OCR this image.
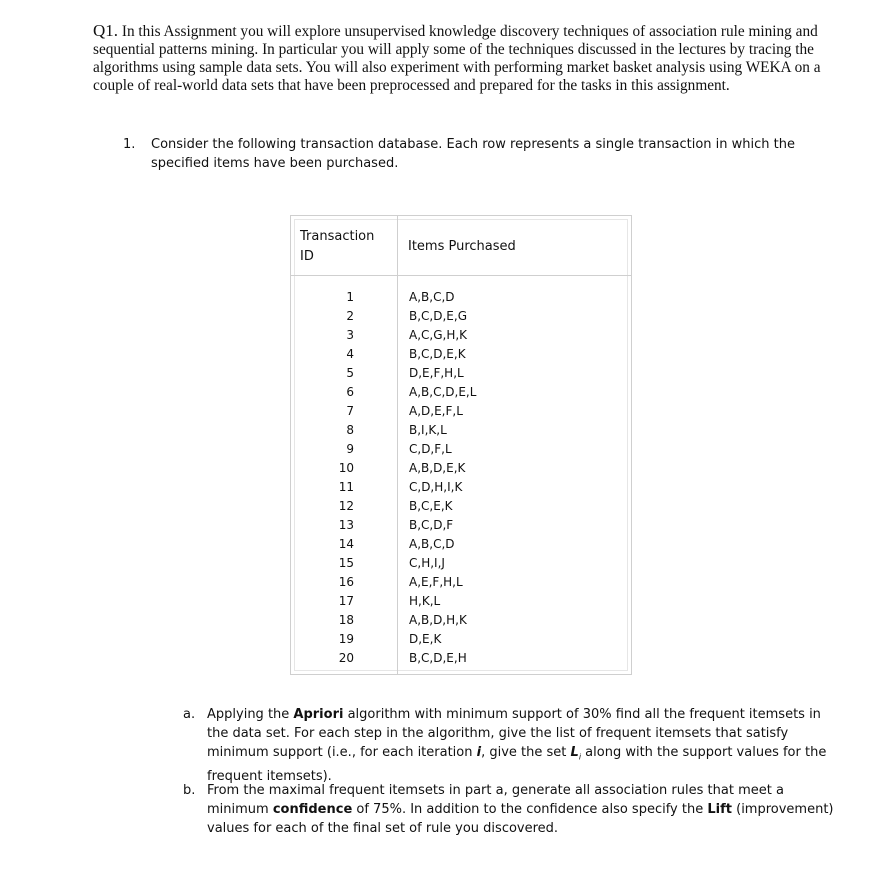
Q1. In this Assignment you will explore unsupervised knowledge discovery techniques of association rule mining and sequential patterns mining. In particular you will apply some of the techniques discussed in the lectures by tracing the algorithms using sample data sets. You will also experiment with performing market basket analysis using WEKA on a couple of real-world data sets that have been preprocessed and prepared for the tasks in this assignment.
1. Consider the following transaction database. Each row represents a single transaction in which the specified items have been purchased.
Transaction ID
Items Purchased
1
2
3
4
5
6
7
8
9
10
11
12
13
14
15
16
17
18
19
20
A,B,C,D
B,C,D,E,G
A,C,G,H,K
B,C,D,E,K
D,E,F,H,L
A,B,C,D,E,L
A,D,E,F,L
B,I,K,L
C,D,F,L
A,B,D,E,K
C,D,H,I,K
B,C,E,K
B,C,D,F
A,B,C,D
C,H,I,J
A,E,F,H,L
H,K,L
A,B,D,H,K
D,E,K
B,C,D,E,H
a. Applying the Apriori algorithm with minimum support of 30% find all the frequent itemsets in the data set. For each step in the algorithm, give the list of frequent itemsets that satisfy minimum support (i.e., for each iteration i, give the set $L_i$ along with the support values for the frequent itemsets).
b. From the maximal frequent itemsets in part a, generate all association rules that meet a minimum confidence of 75%. In addition to the confidence also specify the Lift (improvement) values for each of the final set of rule you discovered.
